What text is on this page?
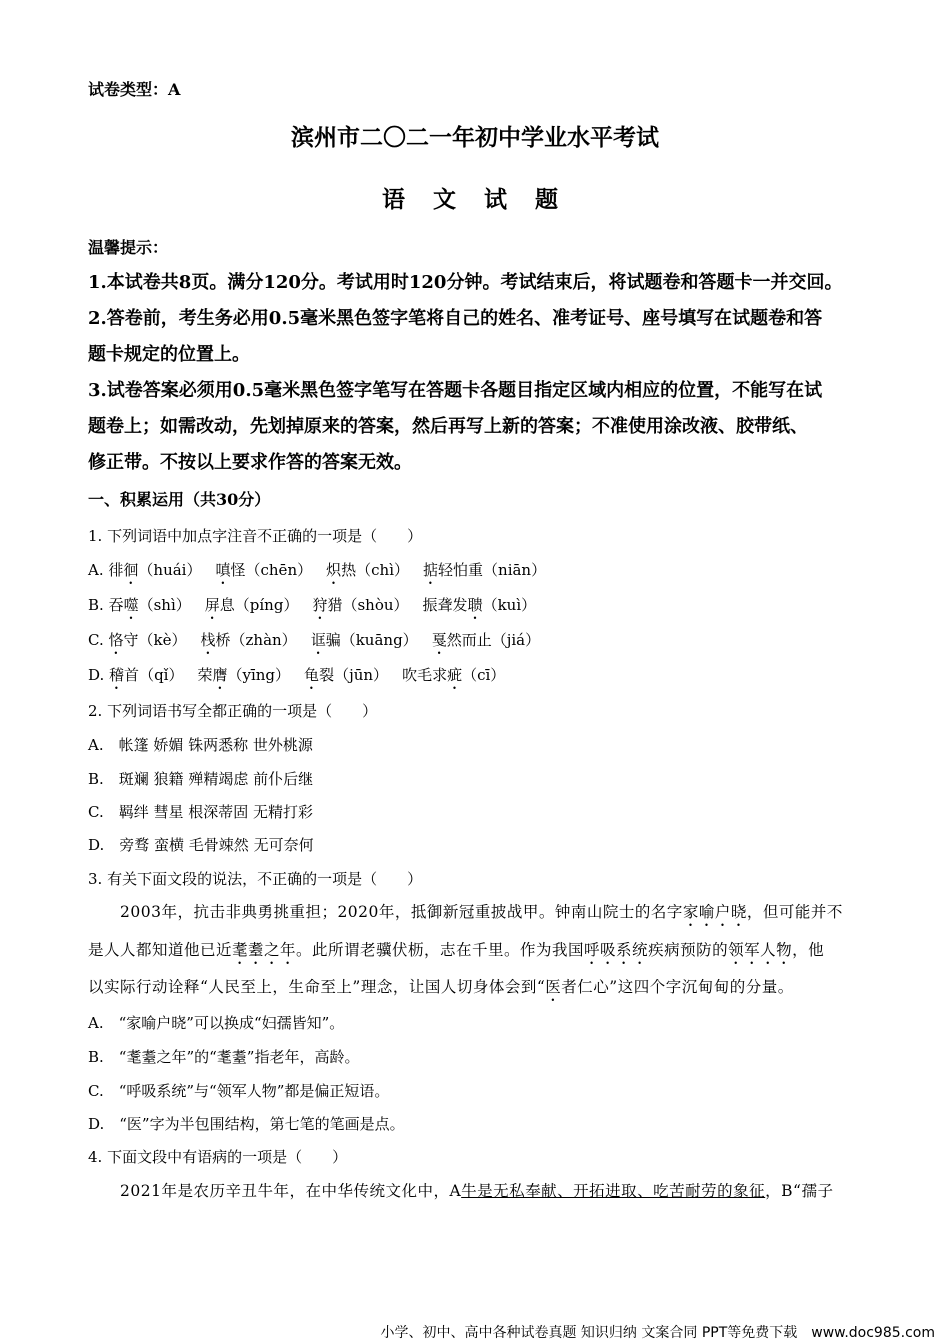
试卷类型：A
滨州市二〇二一年初中学业水平考试
语 文 试 题
温馨提示：
1.本试卷共8页。满分120分。考试用时120分钟。考试结束后，将试题卷和答题卡一并交回。
2.答卷前，考生务必用0.5毫米黑色签字笔将自己的姓名、准考证号、座号填写在试题卷和答
题卡规定的位置上。
3.试卷答案必须用0.5毫米黑色签字笔写在答题卡各题目指定区域内相应的位置，不能写在试
题卷上；如需改动，先划掉原来的答案，然后再写上新的答案；不准使用涂改液、胶带纸、
修正带。不按以上要求作答的答案无效。
一、积累运用（共30分）
1. 下列词语中加点字注音不正确的一项是（　　）
A. 徘徊（huái） 嗔怪（chēn） 炽热（chì） 掂轻怕重（niān）
B. 吞噬（shì） 屏息（píng） 狩猎（shòu） 振聋发聩（kuì）
C. 恪守（kè） 栈桥（zhàn） 诓骗（kuāng） 戛然而止（jiá）
D. 稽首（qǐ） 荣膺（yīng） 龟裂（jūn） 吹毛求疵（cī）
2. 下列词语书写全都正确的一项是（　　）
A.　帐篷 娇媚 铢两悉称 世外桃源
B.　斑斓 狼籍 殚精竭虑 前仆后继
C.　羁绊 彗星 根深蒂固 无精打彩
D.　旁骛 蛮横 毛骨竦然 无可奈何
3. 有关下面文段的说法，不正确的一项是（　　）
　　2003年，抗击非典勇挑重担；2020年，抵御新冠重披战甲。钟南山院士的名字家喻户晓，但可能并不
是人人都知道他已近耄耋之年。此所谓老骥伏枥，志在千里。作为我国呼吸系统疾病预防的领军人物，他
以实际行动诠释“人民至上，生命至上”理念，让国人切身体会到“医者仁心”这四个字沉甸甸的分量。
A.　“家喻户晓”可以换成“妇孺皆知”。
B.　“耄耋之年”的“耄耋”指老年，高龄。
C.　“呼吸系统”与“领军人物”都是偏正短语。
D.　“医”字为半包围结构，第七笔的笔画是点。
4. 下面文段中有语病的一项是（　　）
　　2021年是农历辛丑牛年，在中华传统文化中，A牛是无私奉献、开拓进取、吃苦耐劳的象征，B“孺子
小学、初中、高中各种试卷真题 知识归纳 文案合同 PPT等免费下载　www.doc985.com
